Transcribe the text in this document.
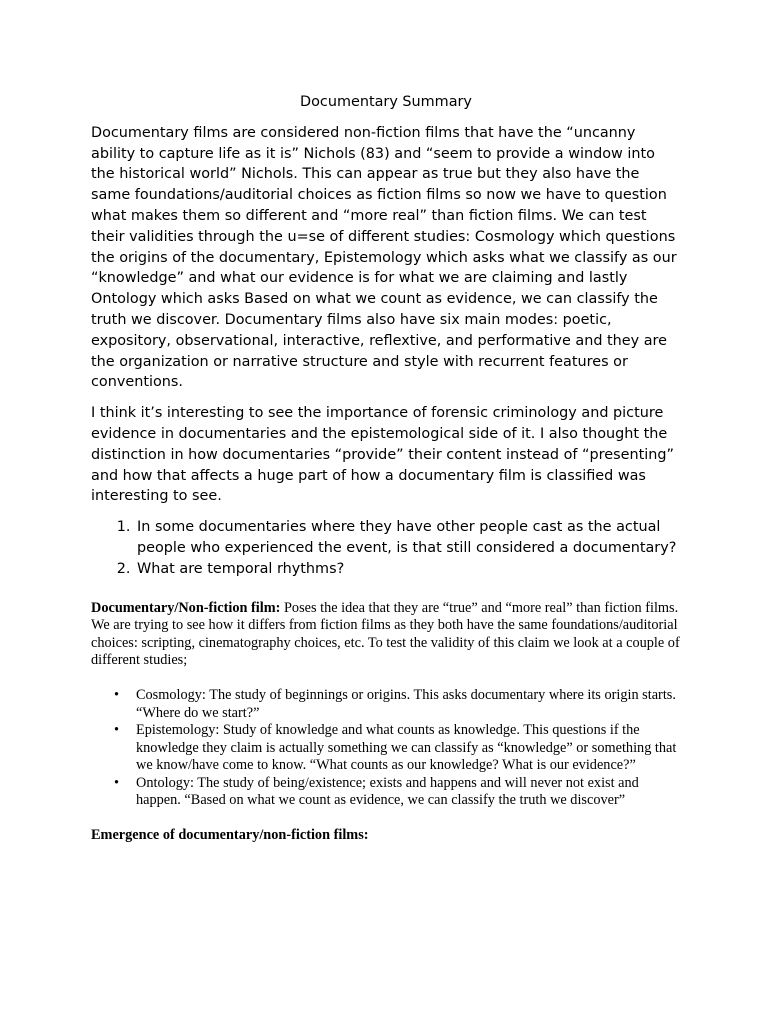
Documentary Summary

Documentary films are considered non-fiction films that have the “uncanny ability to capture life as it is” Nichols (83) and “seem to provide a window into the historical world” Nichols. This can appear as true but they also have the same foundations/auditorial choices as fiction films so now we have to question what makes them so different and “more real” than fiction films. We can test their validities through the u=se of different studies: Cosmology which questions the origins of the documentary, Epistemology which asks what we classify as our “knowledge” and what our evidence is for what we are claiming and lastly Ontology which asks Based on what we count as evidence, we can classify the truth we discover. Documentary films also have six main modes: poetic, expository, observational, interactive, reflextive, and performative and they are the organization or narrative structure and style with recurrent features or conventions.

I think it’s interesting to see the importance of forensic criminology and picture evidence in documentaries and the epistemological side of it. I also thought the distinction in how documentaries “provide” their content instead of “presenting” and how that affects a huge part of how a documentary film is classified was interesting to see.

1. In some documentaries where they have other people cast as the actual people who experienced the event, is that still considered a documentary?
2. What are temporal rhythms?

Documentary/Non-fiction film: Poses the idea that they are “true” and “more real” than fiction films. We are trying to see how it differs from fiction films as they both have the same foundations/auditorial choices: scripting, cinematography choices, etc. To test the validity of this claim we look at a couple of different studies;

• Cosmology: The study of beginnings or origins. This asks documentary where its origin starts. “Where do we start?”
• Epistemology: Study of knowledge and what counts as knowledge. This questions if the knowledge they claim is actually something we can classify as “knowledge” or something that we know/have come to know. “What counts as our knowledge? What is our evidence?”
• Ontology: The study of being/existence; exists and happens and will never not exist and happen. “Based on what we count as evidence, we can classify the truth we discover”

Emergence of documentary/non-fiction films:
